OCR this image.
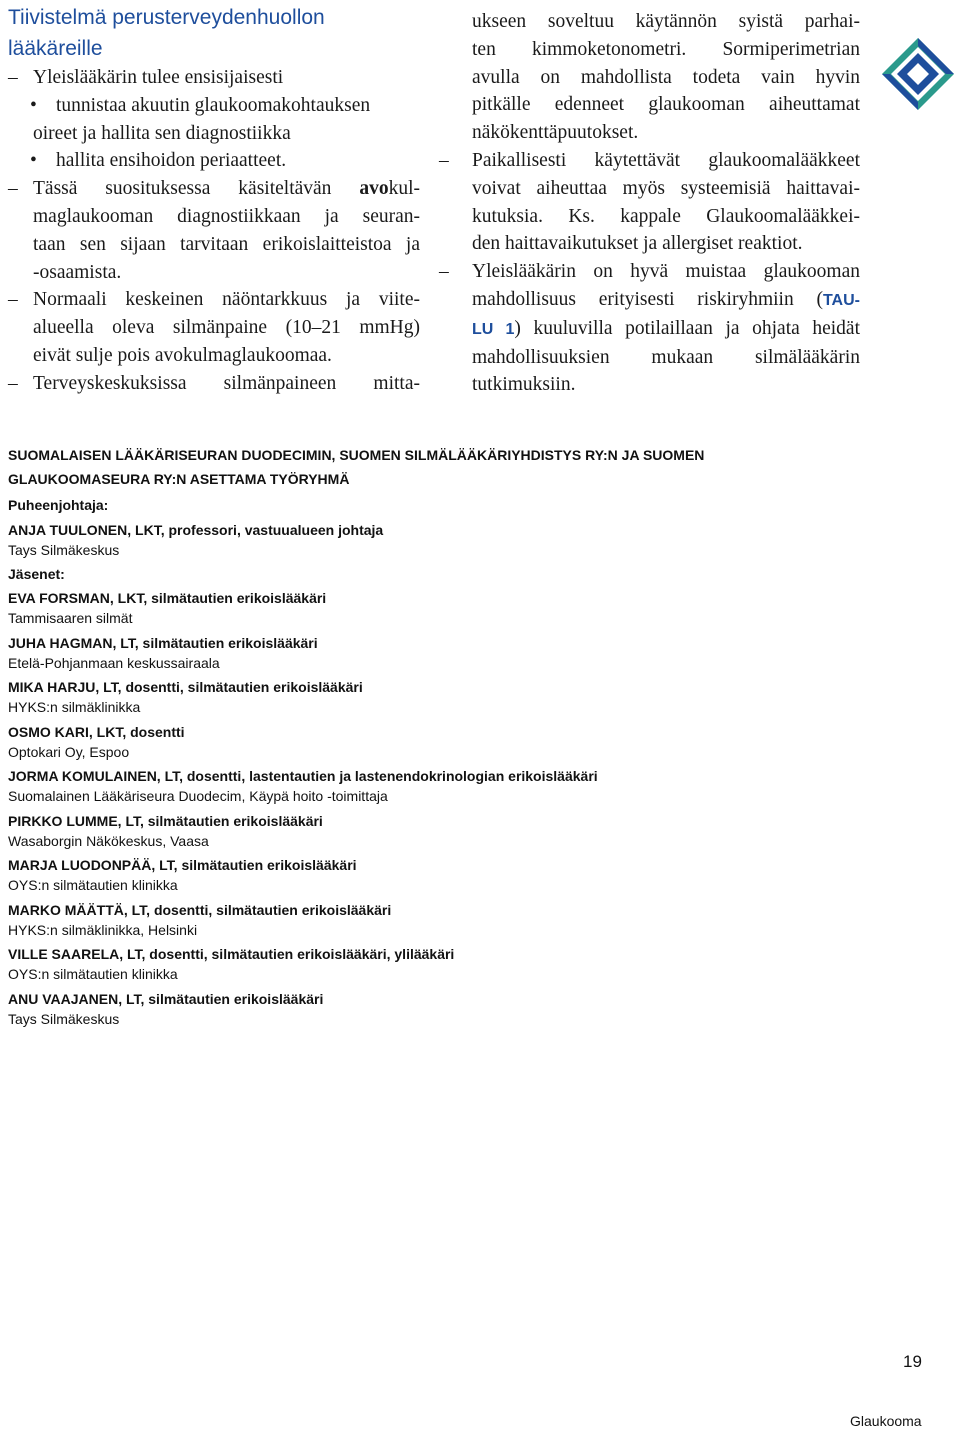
Tiivistelmä perusterveydenhuollon
lääkäreille
– Yleislääkärin tulee ensisijaisesti
• tunnistaa akuutin glaukoomakohtauksen
oireet ja hallita sen diagnostiikka
• hallita ensihoidon periaatteet.
– Tässä suosituksessa käsiteltävän avokul-
maglaukooman diagnostiikkaan ja seuran-
taan sen sijaan tarvitaan erikoislaitteistoa ja
-osaamista.
– Normaali keskeinen näöntarkkuus ja viite-
alueella oleva silmänpaine (10–21 mmHg)
eivät sulje pois avokulmaglaukoomaa.
– Terveyskeskuksissa silmänpaineen mitta-
ukseen soveltuu käytännön syistä parhai-
ten kimmoketonometri. Sormiperimetrian
avulla on mahdollista todeta vain hyvin
pitkälle edenneet glaukooman aiheuttamat
näkökenttäpuutokset.
– Paikallisesti käytettävät glaukoomalääkkeet
voivat aiheuttaa myös systeemisiä haittavai-
kutuksia. Ks. kappale Glaukoomalääkkei-
den haittavaikutukset ja allergiset reaktiot.
– Yleislääkärin on hyvä muistaa glaukooman
mahdollisuus erityisesti riskiryhmiin (TAU-
LU 1) kuuluvilla potilaillaan ja ohjata heidät
mahdollisuuksien mukaan silmälääkärin
tutkimuksiin.
SUOMALAISEN LÄÄKÄRISEURAN DUODECIMIN, SUOMEN SILMÄLÄÄKÄRIYHDISTYS RY:N JA SUOMEN
GLAUKOOMASEURA RY:N ASETTAMA TYÖRYHMÄ
Puheenjohtaja:
ANJA TUULONEN, LKT, professori, vastuualueen johtaja
Tays Silmäkeskus
Jäsenet:
EVA FORSMAN, LKT, silmätautien erikoislääkäri
Tammisaaren silmät
JUHA HAGMAN, LT, silmätautien erikoislääkäri
Etelä-Pohjanmaan keskussairaala
MIKA HARJU, LT, dosentti, silmätautien erikoislääkäri
HYKS:n silmäklinikka
OSMO KARI, LKT, dosentti
Optokari Oy, Espoo
JORMA KOMULAINEN, LT, dosentti, lastentautien ja lastenendokrinologian erikoislääkäri
Suomalainen Lääkäriseura Duodecim, Käypä hoito -toimittaja
PIRKKO LUMME, LT, silmätautien erikoislääkäri
Wasaborgin Näkökeskus, Vaasa
MARJA LUODONPÄÄ, LT, silmätautien erikoislääkäri
OYS:n silmätautien klinikka
MARKO MÄÄTTÄ, LT, dosentti, silmätautien erikoislääkäri
HYKS:n silmäklinikka, Helsinki
VILLE SAARELA, LT, dosentti, silmätautien erikoislääkäri, ylilääkäri
OYS:n silmätautien klinikka
ANU VAAJANEN, LT, silmätautien erikoislääkäri
Tays Silmäkeskus
19
Glaukooma
